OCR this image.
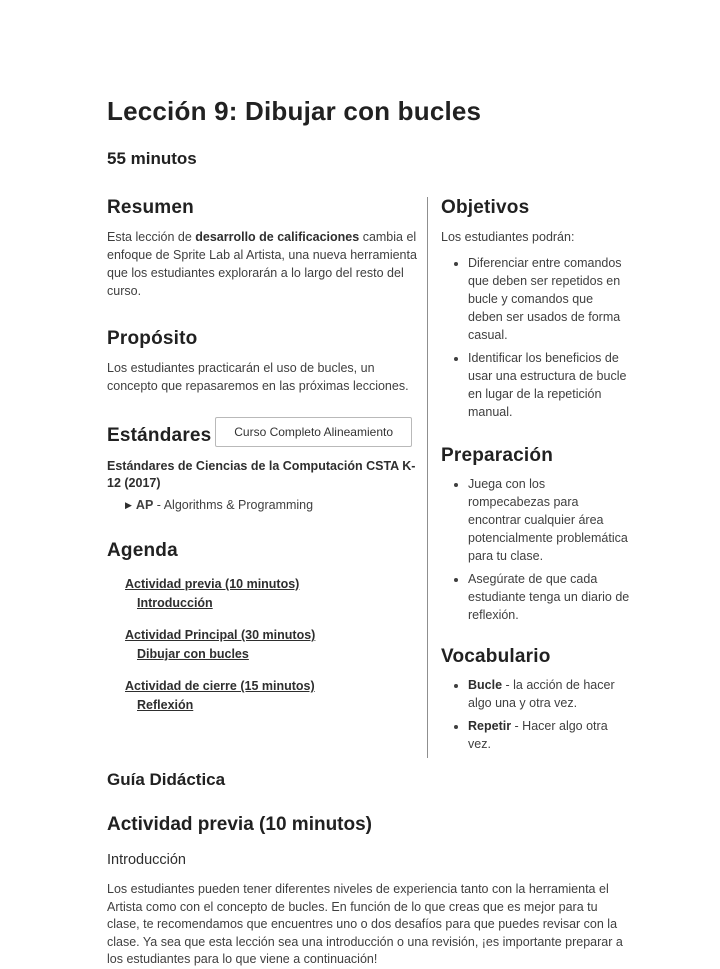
Lección 9: Dibujar con bucles
55 minutos
Resumen

Esta lección de desarrollo de calificaciones cambia el enfoque de Sprite Lab al Artista, una nueva herramienta que los estudiantes explorarán a lo largo del resto del curso.

Propósito

Los estudiantes practicarán el uso de bucles, un concepto que repasaremos en las próximas lecciones.

Estándares	Curso Completo Alineamiento
Estándares de Ciencias de la Computación CSTA K-12 (2017)
▶ AP - Algorithms & Programming
Agenda
Actividad previa (10 minutos)
Introducción
Actividad Principal (30 minutos)
Dibujar con bucles
Actividad de cierre (15 minutos)
Reflexión
Objetivos

Los estudiantes podrán:

• Diferenciar entre comandos que deben ser repetidos en bucle y comandos que deben ser usados de forma casual.
• Identificar los beneficios de usar una estructura de bucle en lugar de la repetición manual.
Preparación
• Juega con los rompecabezas para encontrar cualquier área potencialmente problemática para tu clase.
• Asegúrate de que cada estudiante tenga un diario de reflexión.
Vocabulario
• Bucle - la acción de hacer algo una y otra vez.
• Repetir - Hacer algo otra vez.
Guía Didáctica
Actividad previa (10 minutos)
Introducción

Los estudiantes pueden tener diferentes niveles de experiencia tanto con la herramienta el Artista como con el concepto de bucles. En función de lo que creas que es mejor para tu clase, te recomendamos que encuentres uno o dos desafíos para que puedes revisar con la clase. Ya sea que esta lección sea una introducción o una revisión, ¡es importante preparar a los estudiantes para lo que viene a continuación!
